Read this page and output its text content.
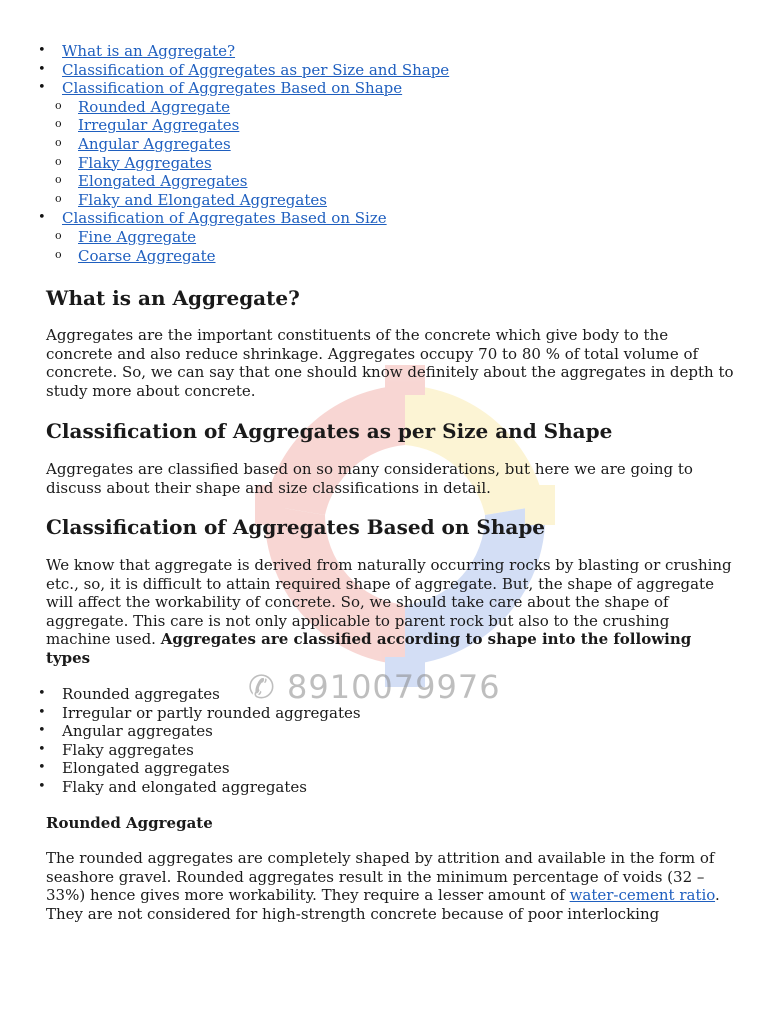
✆ 8910079976
• What is an Aggregate?
• Classification of Aggregates as per Size and Shape
• Classification of Aggregates Based on Shape
o Rounded Aggregate
o Irregular Aggregates
o Angular Aggregates
o Flaky Aggregates
o Elongated Aggregates
o Flaky and Elongated Aggregates
• Classification of Aggregates Based on Size
o Fine Aggregate
o Coarse Aggregate
What is an Aggregate?

Aggregates are the important constituents of the concrete which give body to the concrete and also reduce shrinkage. Aggregates occupy 70 to 80 % of total volume of concrete. So, we can say that one should know definitely about the aggregates in depth to study more about concrete.

Classification of Aggregates as per Size and Shape

Aggregates are classified based on so many considerations, but here we are going to discuss about their shape and size classifications in detail.

Classification of Aggregates Based on Shape

We know that aggregate is derived from naturally occurring rocks by blasting or crushing etc., so, it is difficult to attain required shape of aggregate. But, the shape of aggregate will affect the workability of concrete. So, we should take care about the shape of aggregate. This care is not only applicable to parent rock but also to the crushing machine used. Aggregates are classified according to shape into the following types

• Rounded aggregates
• Irregular or partly rounded aggregates
• Angular aggregates
• Flaky aggregates
• Elongated aggregates
• Flaky and elongated aggregates
Rounded Aggregate

The rounded aggregates are completely shaped by attrition and available in the form of seashore gravel. Rounded aggregates result in the minimum percentage of voids (32 – 33%) hence gives more workability. They require a lesser amount of water-cement ratio. They are not considered for high-strength concrete because of poor interlocking
